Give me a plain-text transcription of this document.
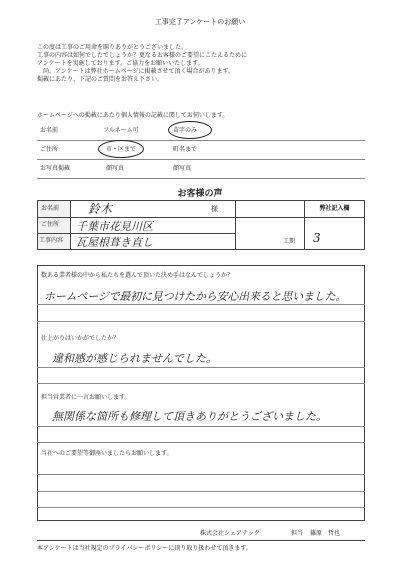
工事完了アンケートのお願い
この度は工事のご用命を賜りありがとうございました。
工事の内容は如何でしたでしょうか？更なるお客様のご要望にこたえるために
アンケートを実施しております。ご協力をお願いいたします。
尚、アンケートは弊社ホームページに掲載させて頂く場合があります。
掲載にあたり、下記のご質問をお答え下さい。
ホームページへの掲載にあたり個人情報の記載に関してお伺いします。
お名前	フルネーム可	苗字のみ
ご住所	市・区まで	町名まで
お写真掲載	顔写真	顔写真
お客様の声
お名前 鈴木	様
ご住所 千葉市花見川区
工事内容 瓦屋根葺き直し
弊社記入欄
工期 3
数ある業者様の中から私たちを選んで頂いた決め手はなんでしょうか？
ホームページで最初に見つけたから安心出来ると思いました。
仕上がりはいかがでしたか？
違和感が感じられませんでした。
担当営業者に一言お願いします。
無関係な箇所も修理して頂きありがとうございました。
当社へのご要望等御座いましたらお願いします。
株式会社シェアテック	担当 篠原　哲也
本アンケートは当社規定のプライバシーポリシーに則り取り扱わせて頂きます。
